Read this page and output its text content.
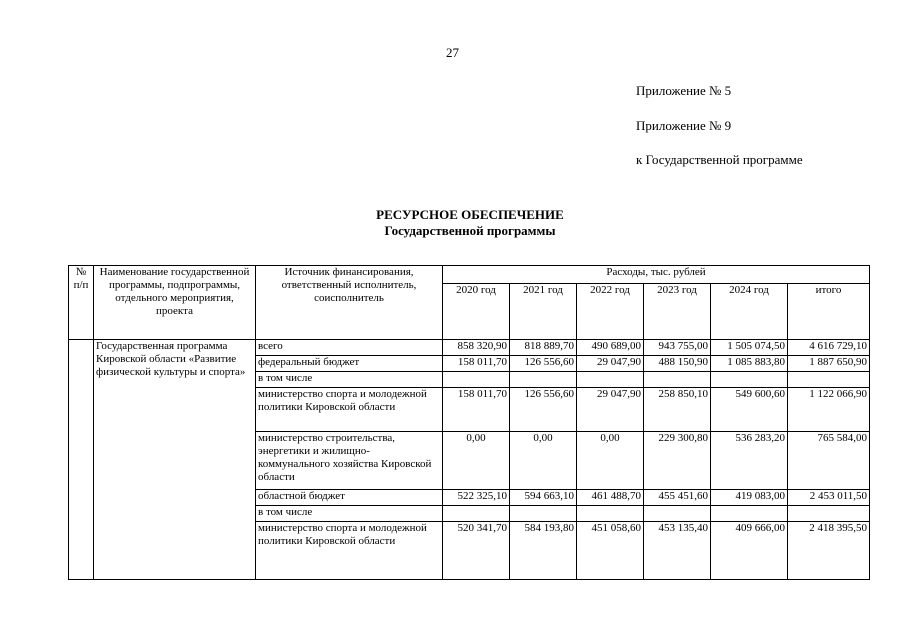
27
Приложение № 5
Приложение № 9
к Государственной программе
РЕСУРСНОЕ ОБЕСПЕЧЕНИЕ
Государственной программы
№ п/п	Наименование государственной программы, подпрограммы, отдельного мероприятия, проекта	Источник финансирования, ответственный исполнитель, соисполнитель	Расходы, тыс. рублей					
			2020 год	2021 год	2022 год	2023 год	2024 год	итого
	Государственная программа Кировской области «Развитие физической культуры и спорта»	всего	858 320,90	818 889,70	490 689,00	943 755,00	1 505 074,50	4 616 729,10
		федеральный бюджет	158 011,70	126 556,60	29 047,90	488 150,90	1 085 883,80	1 887 650,90
		в том числе						
		министерство спорта и молодежной политики Кировской области	158 011,70	126 556,60	29 047,90	258 850,10	549 600,60	1 122 066,90
		министерство строительства, энергетики и жилищно-коммунального хозяйства Кировской области	0,00	0,00	0,00	229 300,80	536 283,20	765 584,00
		областной бюджет	522 325,10	594 663,10	461 488,70	455 451,60	419 083,00	2 453 011,50
		в том числе						
		министерство спорта и молодежной политики Кировской области	520 341,70	584 193,80	451 058,60	453 135,40	409 666,00	2 418 395,50
